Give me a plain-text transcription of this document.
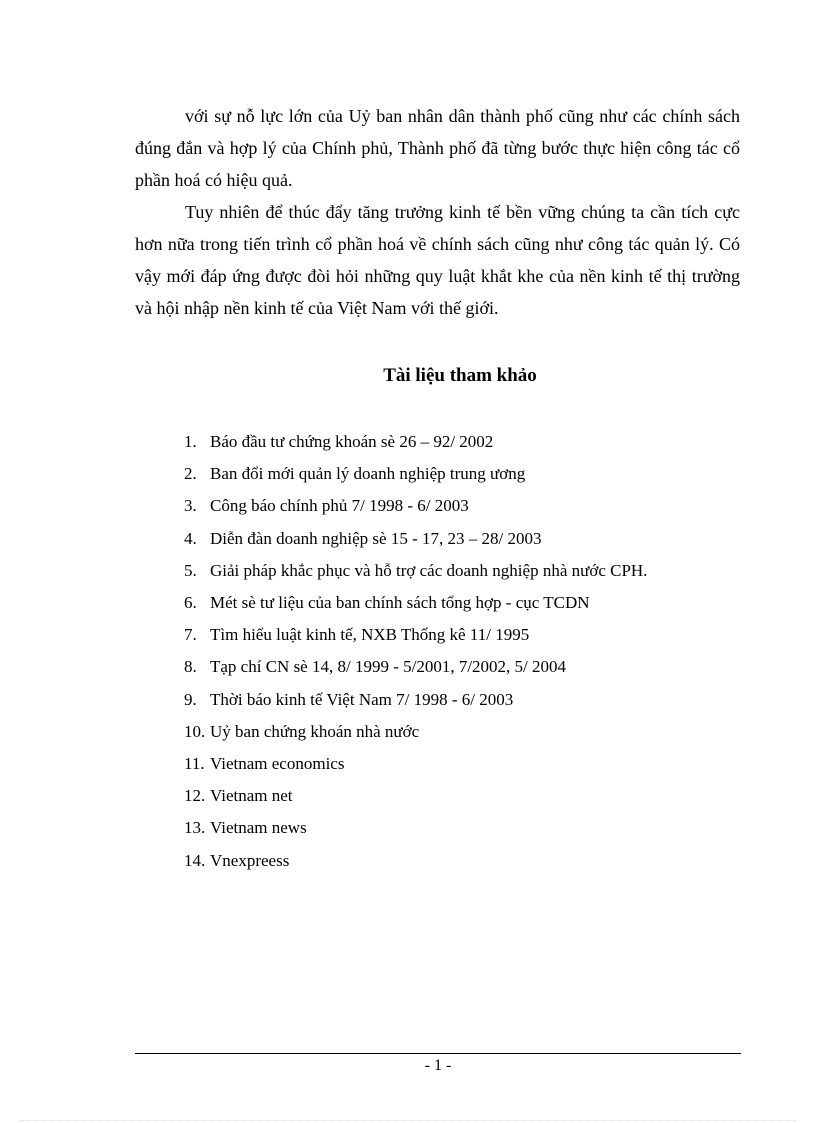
với sự nỗ lực lớn của Uỷ ban nhân dân thành phố cũng như các chính sách đúng đắn và hợp lý của Chính phủ, Thành phố đã từng bước thực hiện công tác cổ phần hoá có hiệu quả.

Tuy nhiên để thúc đẩy tăng trưởng kinh tế bền vững chúng ta cần tích cực hơn nữa trong tiến trình cổ phần hoá về chính sách cũng như công tác quản lý. Có vậy mới đáp ứng được đòi hỏi những quy luật khắt khe của nền kinh tế thị trường và hội nhập nền kinh tế của Việt Nam với thế giới.

Tài liệu tham khảo
1. Báo đầu tư chứng khoán sè 26 – 92/ 2002
2. Ban đổi mới quản lý doanh nghiệp trung ương
3. Công báo chính phủ 7/ 1998 - 6/ 2003
4. Diễn đàn doanh nghiệp sè 15 - 17, 23 – 28/ 2003
5. Giải pháp khắc phục và hỗ trợ các doanh nghiệp nhà nước CPH.
6. Mét sè tư liệu của ban chính sách tổng hợp - cục TCDN
7. Tìm hiểu luật kinh tế, NXB Thống kê 11/ 1995
8. Tạp chí CN sè 14, 8/ 1999 - 5/2001, 7/2002, 5/ 2004
9. Thời báo kinh tế Việt Nam 7/ 1998 - 6/ 2003
10. Uỷ ban chứng khoán nhà nước
11. Vietnam economics
12. Vietnam net
13. Vietnam news
14. Vnexpreess
- 1 -
